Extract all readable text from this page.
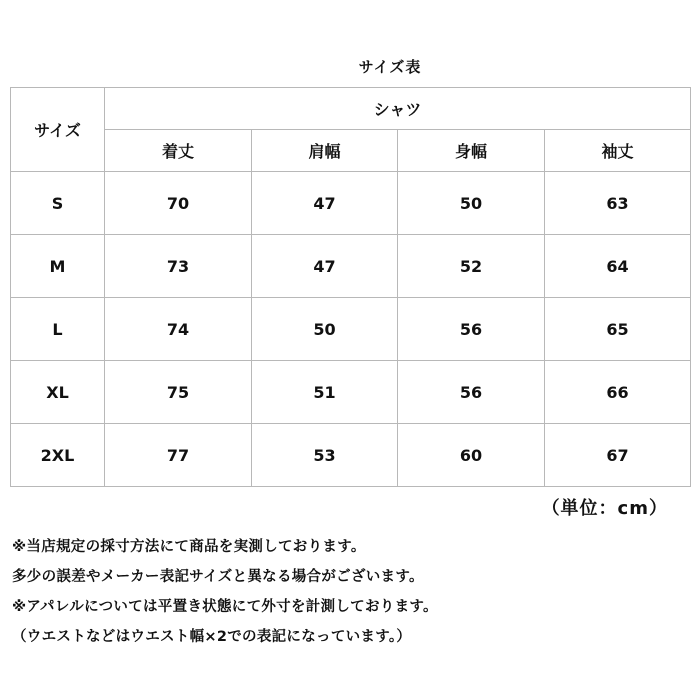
サイズ表
サイズ	シャツ			
	着丈	肩幅	身幅	袖丈
S	70	47	50	63
M	73	47	52	64
L	74	50	56	65
XL	75	51	56	66
2XL	77	53	60	67
（単位：cm）
※当店規定の採寸方法にて商品を実測しております。
多少の誤差やメーカー表記サイズと異なる場合がございます。
※アパレルについては平置き状態にて外寸を計測しております。
（ウエストなどはウエスト幅×2での表記になっています。）
